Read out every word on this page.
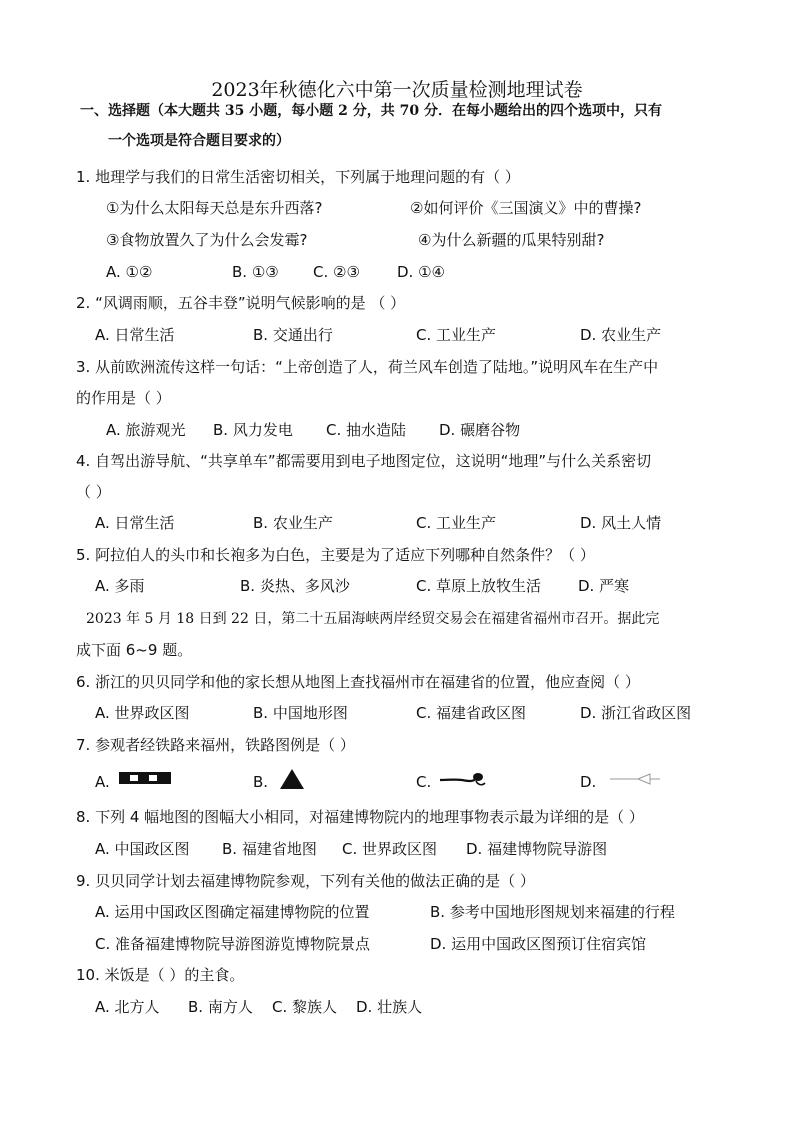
2023年秋德化六中第一次质量检测地理试卷
一、选择题（本大题共 35 小题，每小题 2 分，共 70 分．在每小题给出的四个选项中，只有
一个选项是符合题目要求的）
1. 地理学与我们的日常生活密切相关，下列属于地理问题的有（ ）
①为什么太阳每天总是东升西落?	②如何评价《三国演义》中的曹操?
③食物放置久了为什么会发霉?	④为什么新疆的瓜果特别甜?
A. ①②	B. ①③ C. ②③ D. ①④
2. “风调雨顺，五谷丰登”说明气候影响的是 （ ）
A. 日常生活	B. 交通出行	C. 工业生产	D. 农业生产
3. 从前欧洲流传这样一句话：“上帝创造了人，荷兰风车创造了陆地。”说明风车在生产中
的作用是（ ）
A. 旅游观光 B. 风力发电 C. 抽水造陆 D. 碾磨谷物
4. 自驾出游导航、“共享单车”都需要用到电子地图定位，这说明“地理”与什么关系密切
（ ）
A. 日常生活	B. 农业生产	C. 工业生产	D. 风土人情
5. 阿拉伯人的头巾和长袍多为白色，主要是为了适应下列哪种自然条件？（ ）
A. 多雨	B. 炎热、多风沙	C. 草原上放牧生活 D. 严寒
2023 年 5 月 18 日到 22 日，第二十五届海峡两岸经贸交易会在福建省福州市召开。据此完
成下面 6~9 题。
6. 浙江的贝贝同学和他的家长想从地图上查找福州市在福建省的位置，他应查阅（ ）
A. 世界政区图	B. 中国地形图	C. 福建省政区图	D. 浙江省政区图
7. 参观者经铁路来福州，铁路图例是（ ）
A.	B.	C.	D.
8. 下列 4 幅地图的图幅大小相同，对福建博物院内的地理事物表示最为详细的是（ ）
A. 中国政区图 B. 福建省地图 C. 世界政区图 D. 福建博物院导游图
9. 贝贝同学计划去福建博物院参观，下列有关他的做法正确的是（ ）
A. 运用中国政区图确定福建博物院的位置	B. 参考中国地形图规划来福建的行程
C. 准备福建博物院导游图游览博物院景点	D. 运用中国政区图预订住宿宾馆
10. 米饭是（ ）的主食。
A. 北方人 B. 南方人 C. 黎族人 D. 壮族人
